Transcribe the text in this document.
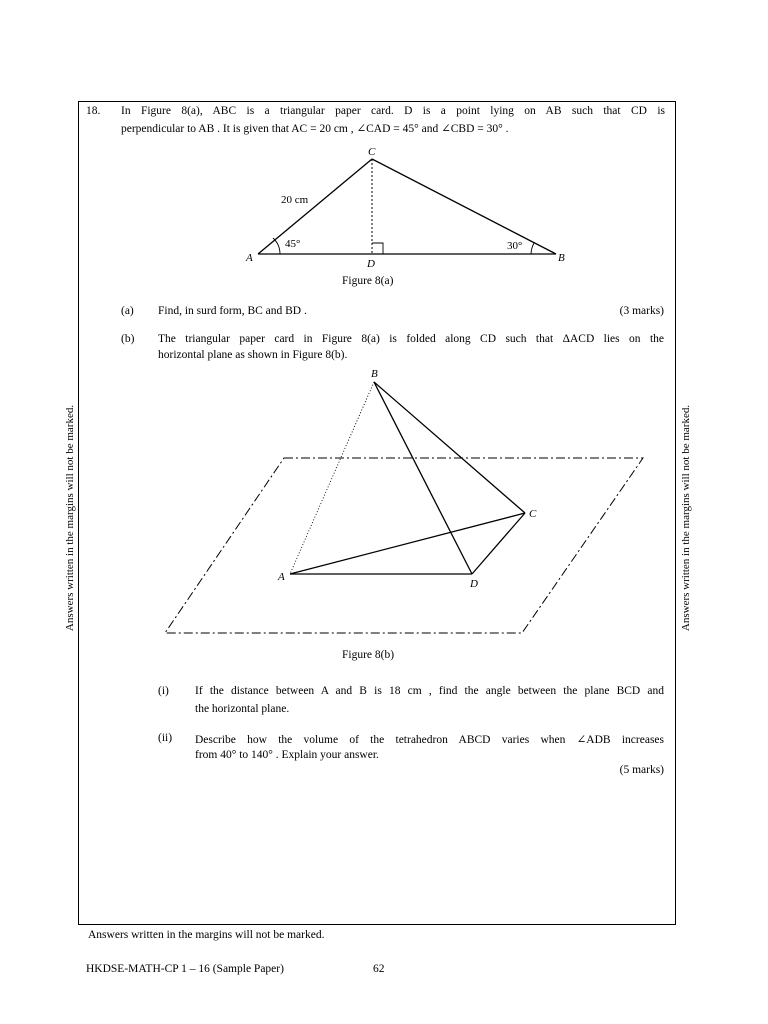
18. In Figure 8(a), ABC is a triangular paper card. D is a point lying on AB such that CD is
perpendicular to AB . It is given that AC = 20 cm , ∠CAD = 45° and ∠CBD = 30° .
A	B
C
D
20 cm
45°	30°
Figure 8(a)
(a) Find, in surd form, BC and BD .	(3 marks)
(b) The triangular paper card in Figure 8(a) is folded along CD such that ΔACD lies on the
horizontal plane as shown in Figure 8(b).
B
A
C
D
Figure 8(b)
(i) If the distance between A and B is 18 cm , find the angle between the plane BCD and
the horizontal plane.
(ii) Describe how the volume of the tetrahedron ABCD varies when ∠ADB increases
from 40° to 140° . Explain your answer.
(5 marks)
Answers written in the margins will not be marked.	Answers written in the margins will not be marked.
Answers written in the margins will not be marked.
HKDSE-MATH-CP 1 – 16 (Sample Paper)	62
